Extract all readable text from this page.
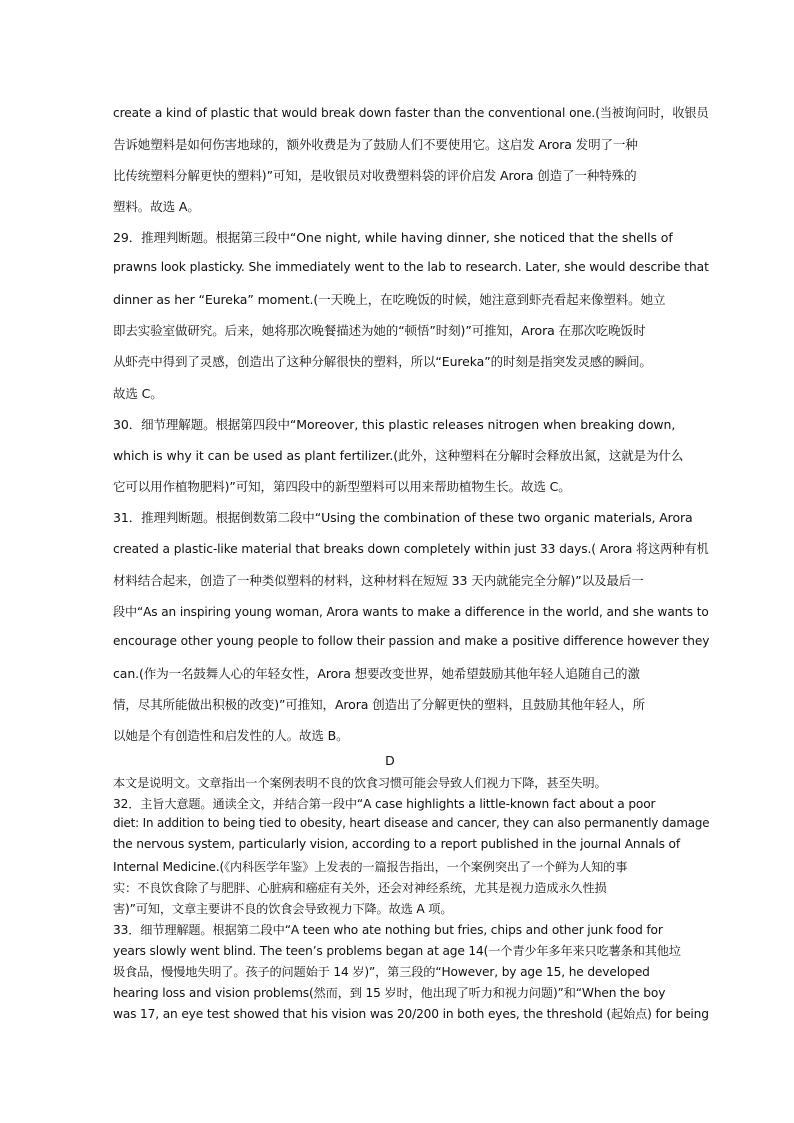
create a kind of plastic that would break down faster than the conventional one.(当被询问时，收银员
告诉她塑料是如何伤害地球的，额外收费是为了鼓励人们不要使用它。这启发 Arora 发明了一种
比传统塑料分解更快的塑料)”可知，是收银员对收费塑料袋的评价启发 Arora 创造了一种特殊的
塑料。故选 A。
29．推理判断题。根据第三段中“One night, while having dinner, she noticed that the shells of
prawns look plasticky. She immediately went to the lab to research. Later, she would describe that
dinner as her “Eureka” moment.(一天晚上，在吃晚饭的时候，她注意到虾壳看起来像塑料。她立
即去实验室做研究。后来，她将那次晚餐描述为她的“顿悟”时刻)”可推知，Arora 在那次吃晚饭时
从虾壳中得到了灵感，创造出了这种分解很快的塑料，所以“Eureka”的时刻是指突发灵感的瞬间。
故选 C。
30．细节理解题。根据第四段中“Moreover, this plastic releases nitrogen when breaking down,
which is why it can be used as plant fertilizer.(此外，这种塑料在分解时会释放出氮，这就是为什么
它可以用作植物肥料)”可知，第四段中的新型塑料可以用来帮助植物生长。故选 C。
31．推理判断题。根据倒数第二段中“Using the combination of these two organic materials, Arora
created a plastic-like material that breaks down completely within just 33 days.( Arora 将这两种有机
材料结合起来，创造了一种类似塑料的材料，这种材料在短短 33 天内就能完全分解)”以及最后一
段中“As an inspiring young woman, Arora wants to make a difference in the world, and she wants to
encourage other young people to follow their passion and make a positive difference however they
can.(作为一名鼓舞人心的年轻女性，Arora 想要改变世界，她希望鼓励其他年轻人追随自己的激
情，尽其所能做出积极的改变)”可推知，Arora 创造出了分解更快的塑料，且鼓励其他年轻人，所
以她是个有创造性和启发性的人。故选 B。
D
本文是说明文。文章指出一个案例表明不良的饮食习惯可能会导致人们视力下降，甚至失明。
32．主旨大意题。通读全文，并结合第一段中“A case highlights a little-known fact about a poor
diet: In addition to being tied to obesity, heart disease and cancer, they can also permanently damage
the nervous system, particularly vision, according to a report published in the journal Annals of
Internal Medicine.(《内科医学年鉴》上发表的一篇报告指出，一个案例突出了一个鲜为人知的事
实：不良饮食除了与肥胖、心脏病和癌症有关外，还会对神经系统，尤其是视力造成永久性损
害)”可知，文章主要讲不良的饮食会导致视力下降。故选 A 项。
33．细节理解题。根据第二段中“A teen who ate nothing but fries, chips and other junk food for
years slowly went blind. The teen’s problems began at age 14(一个青少年多年来只吃薯条和其他垃
圾食品，慢慢地失明了。孩子的问题始于 14 岁)”，第三段的“However, by age 15, he developed
hearing loss and vision problems(然而，到 15 岁时，他出现了听力和视力问题)”和“When the boy
was 17, an eye test showed that his vision was 20/200 in both eyes, the threshold (起始点) for being
